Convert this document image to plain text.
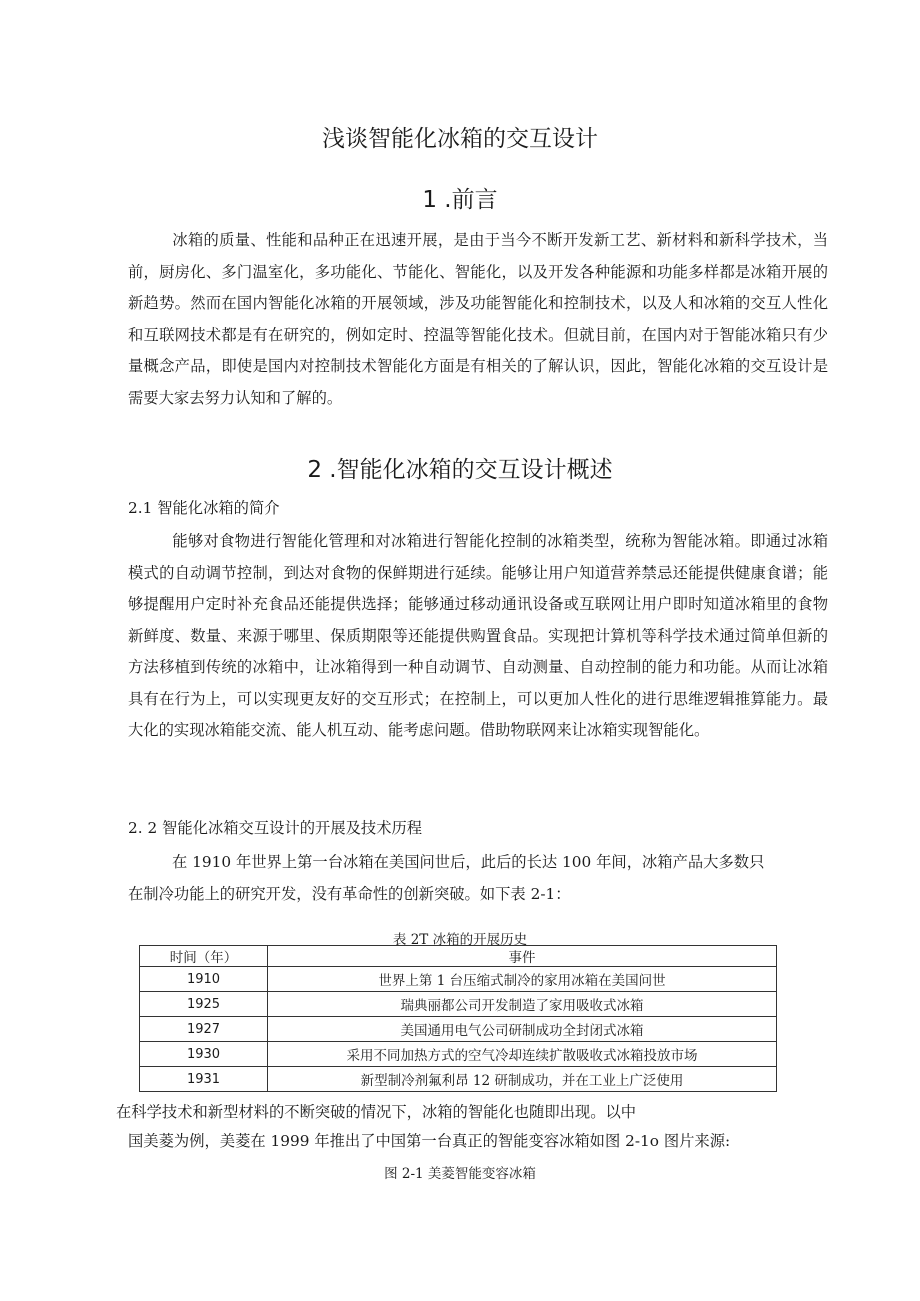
浅谈智能化冰箱的交互设计
1 .前言

冰箱的质量、性能和品种正在迅速开展，是由于当今不断开发新工艺、新材料和新科学技术，当前，厨房化、多门温室化，多功能化、节能化、智能化，以及开发各种能源和功能多样都是冰箱开展的新趋势。然而在国内智能化冰箱的开展领域，涉及功能智能化和控制技术，以及人和冰箱的交互人性化和互联网技术都是有在研究的，例如定时、控温等智能化技术。但就目前，在国内对于智能冰箱只有少量概念产品，即使是国内对控制技术智能化方面是有相关的了解认识，因此，智能化冰箱的交互设计是需要大家去努力认知和了解的。

2 .智能化冰箱的交互设计概述
2.1 智能化冰箱的简介

能够对食物进行智能化管理和对冰箱进行智能化控制的冰箱类型，统称为智能冰箱。即通过冰箱模式的自动调节控制，到达对食物的保鲜期进行延续。能够让用户知道营养禁忌还能提供健康食谱；能够提醒用户定时补充食品还能提供选择；能够通过移动通讯设备或互联网让用户即时知道冰箱里的食物新鲜度、数量、来源于哪里、保质期限等还能提供购置食品。实现把计算机等科学技术通过简单但新的方法移植到传统的冰箱中，让冰箱得到一种自动调节、自动测量、自动控制的能力和功能。从而让冰箱具有在行为上，可以实现更友好的交互形式；在控制上，可以更加人性化的进行思维逻辑推算能力。最大化的实现冰箱能交流、能人机互动、能考虑问题。借助物联网来让冰箱实现智能化。

2. 2 智能化冰箱交互设计的开展及技术历程
在 1910 年世界上第一台冰箱在美国问世后，此后的长达 100 年间，冰箱产品大多数只
在制冷功能上的研究开发，没有革命性的创新突破。如下表 2-1：
表 2T 冰箱的开展历史
时间（年）	事件
1910	世界上第 1 台压缩式制冷的家用冰箱在美国问世
1925	瑞典丽都公司开发制造了家用吸收式冰箱
1927	美国通用电气公司研制成功全封闭式冰箱
1930	采用不同加热方式的空气冷却连续扩散吸收式冰箱投放市场
1931	新型制冷剂氟利昂 12 研制成功，并在工业上广泛使用
在科学技术和新型材料的不断突破的情况下，冰箱的智能化也随即出现。以中
国美菱为例，美菱在 1999 年推出了中国第一台真正的智能变容冰箱如图 2-1o 图片来源:
图 2-1 美菱智能变容冰箱
